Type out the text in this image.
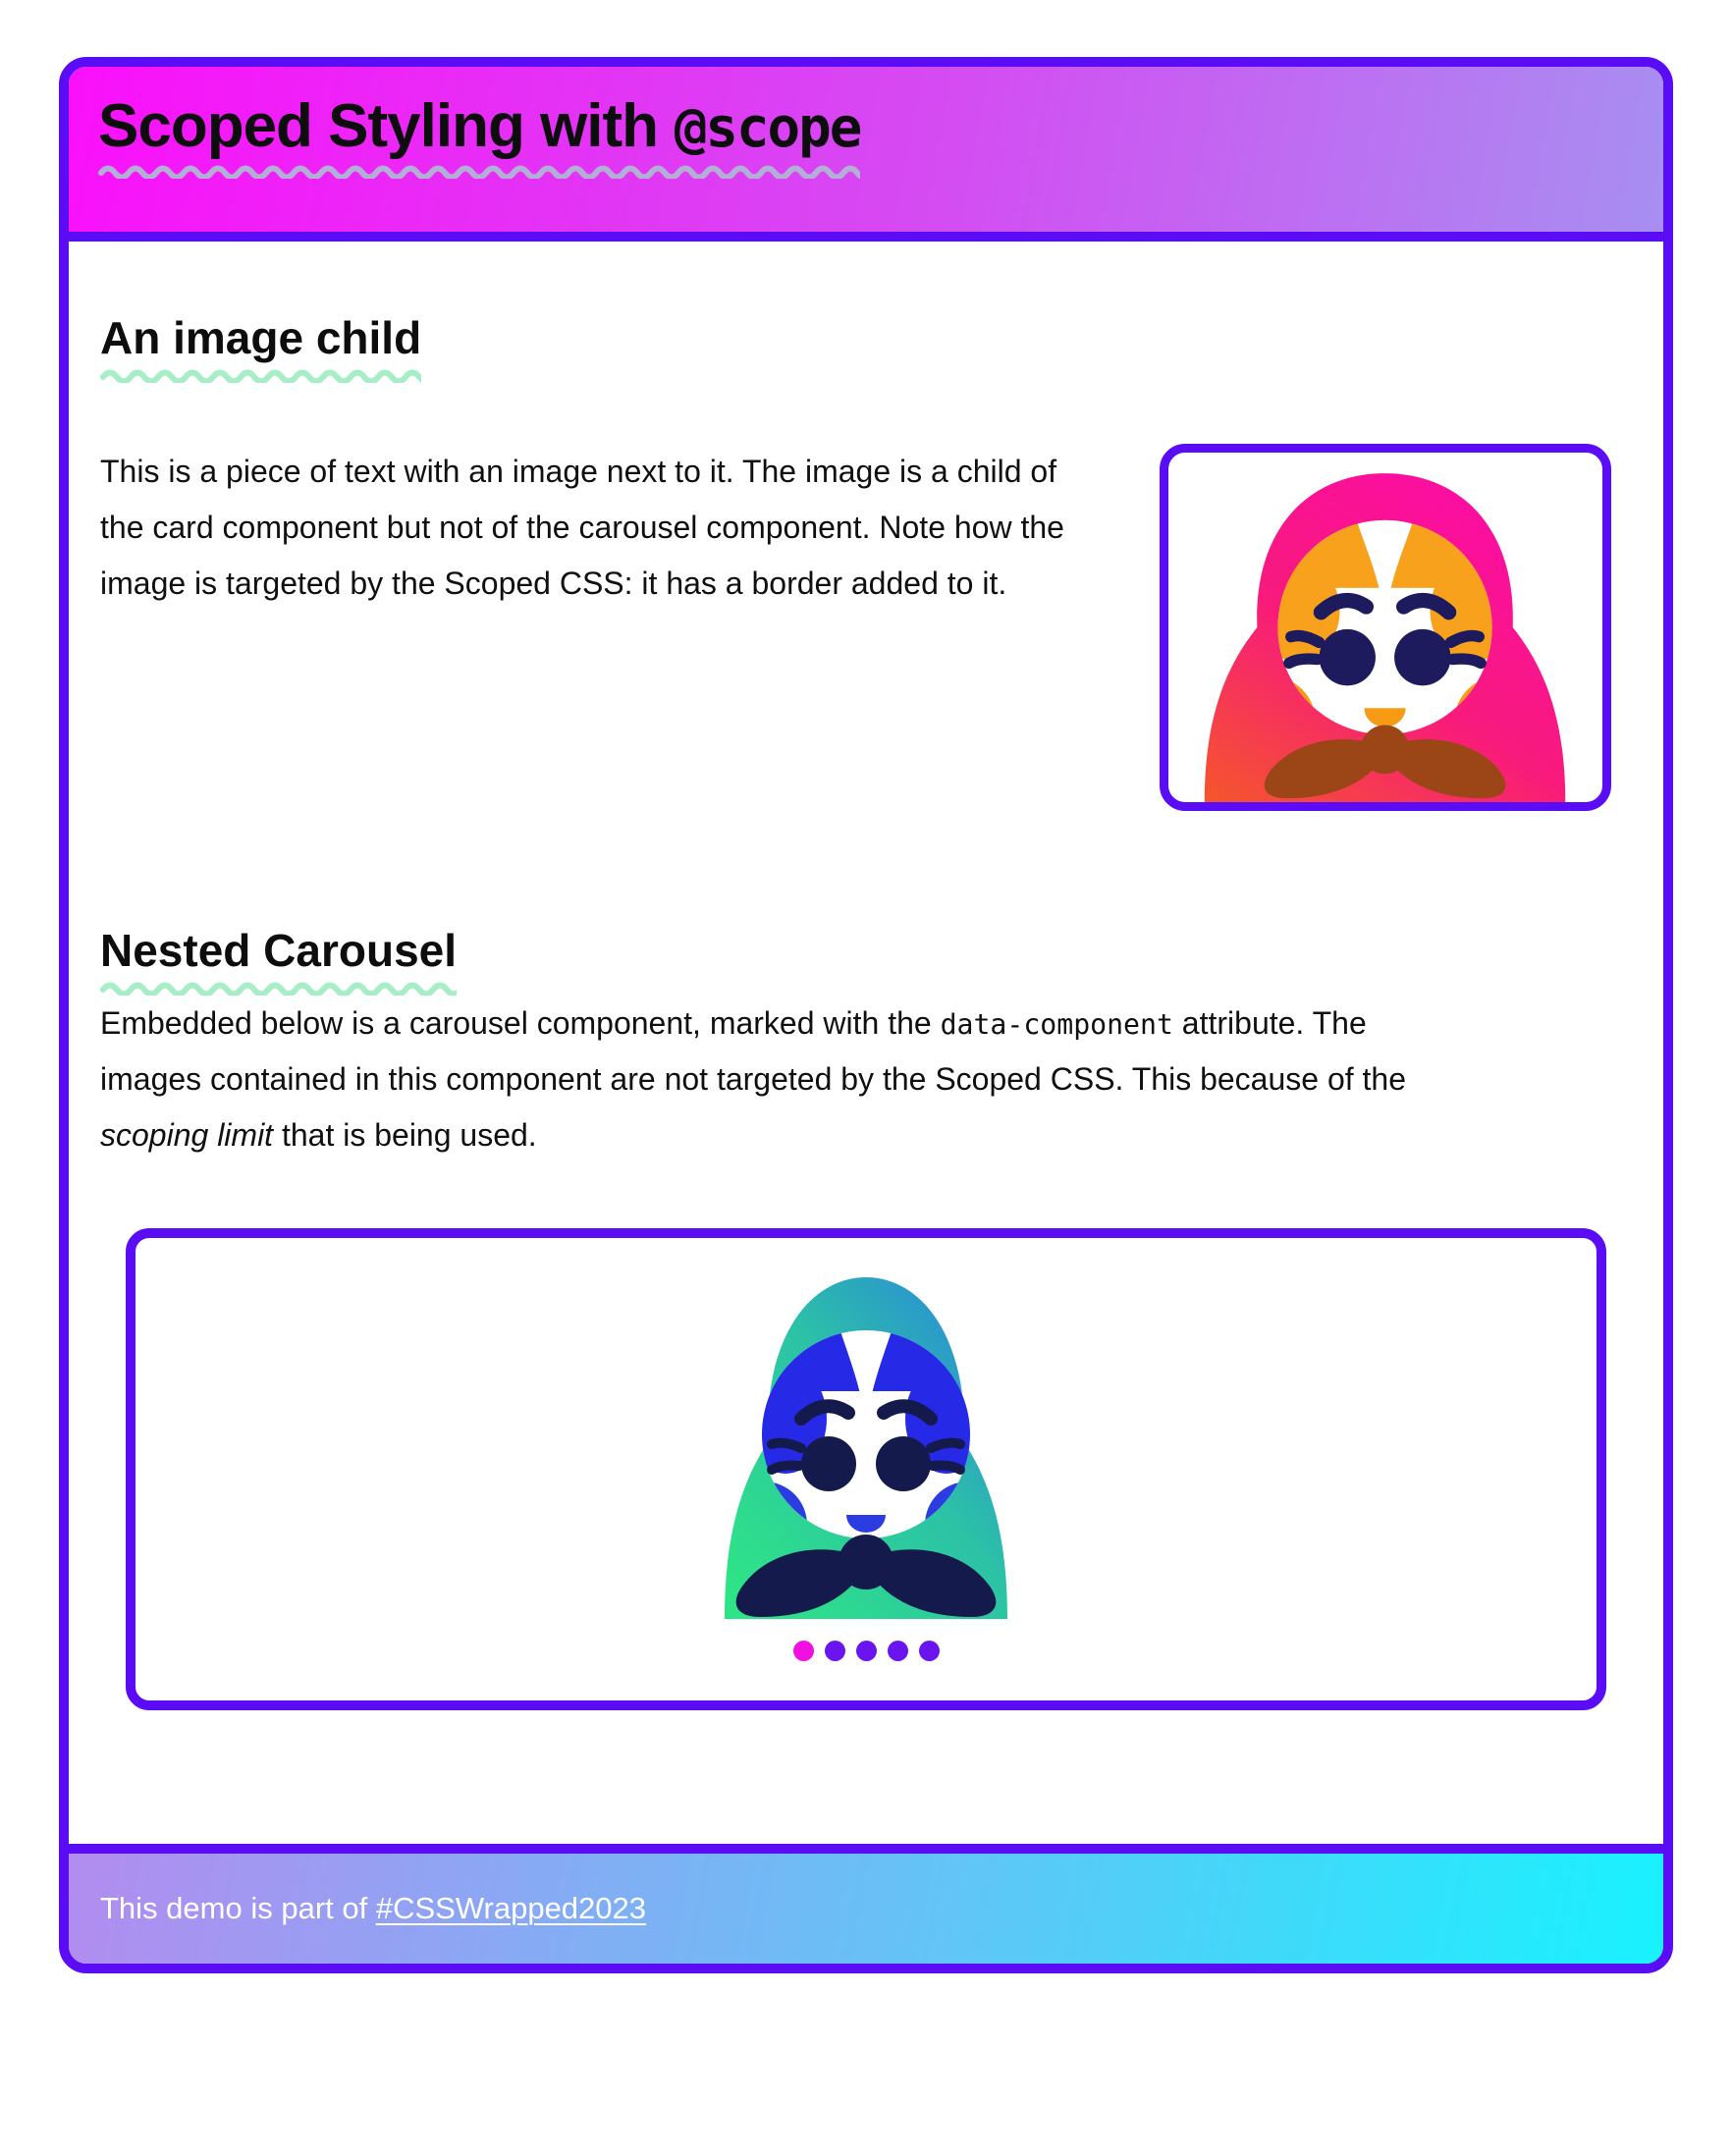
Scoped Styling with @scope
An image child

This is a piece of text with an image next to it. The image is a child of the card component but not of the carousel component. Note how the image is targeted by the Scoped CSS: it has a border added to it.

Nested Carousel

Embedded below is a carousel component, marked with the data-component attribute. The images contained in this component are not targeted by the Scoped CSS. This because of the scoping limit that is being used.

This demo is part of #CSSWrapped2023
